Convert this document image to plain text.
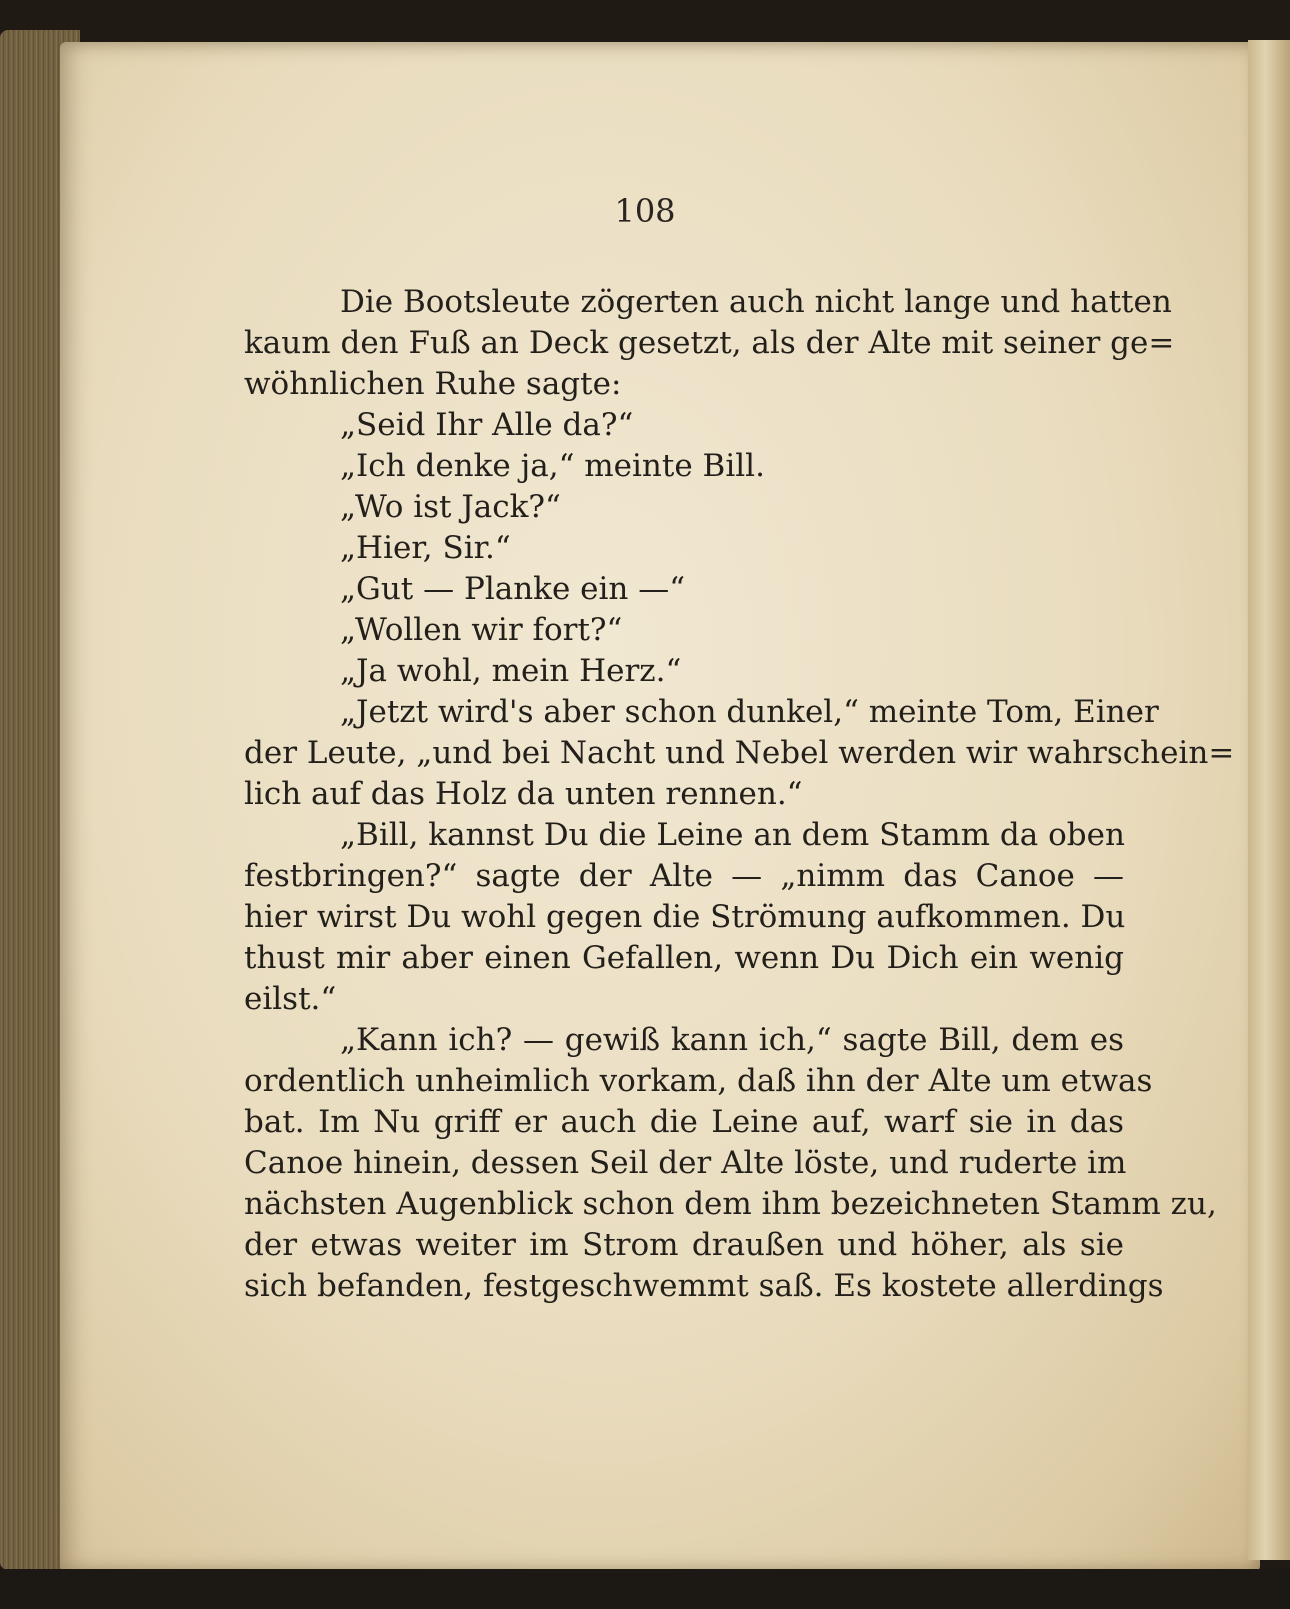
108
Die Bootsleute zögerten auch nicht lange und hatten
kaum den Fuß an Deck gesetzt, als der Alte mit seiner ge=
wöhnlichen Ruhe sagte:
„Seid Ihr Alle da?“
„Ich denke ja,“ meinte Bill.
„Wo ist Jack?“
„Hier, Sir.“
„Gut — Planke ein —“
„Wollen wir fort?“
„Ja wohl, mein Herz.“
„Jetzt wird's aber schon dunkel,“ meinte Tom, Einer
der Leute, „und bei Nacht und Nebel werden wir wahrschein=
lich auf das Holz da unten rennen.“
„Bill, kannst Du die Leine an dem Stamm da oben
festbringen?“ sagte der Alte — „nimm das Canoe —
hier wirst Du wohl gegen die Strömung aufkommen. Du
thust mir aber einen Gefallen, wenn Du Dich ein wenig
eilst.“
„Kann ich? — gewiß kann ich,“ sagte Bill, dem es
ordentlich unheimlich vorkam, daß ihn der Alte um etwas
bat. Im Nu griff er auch die Leine auf, warf sie in das
Canoe hinein, dessen Seil der Alte löste, und ruderte im
nächsten Augenblick schon dem ihm bezeichneten Stamm zu,
der etwas weiter im Strom draußen und höher, als sie
sich befanden, festgeschwemmt saß. Es kostete allerdings
